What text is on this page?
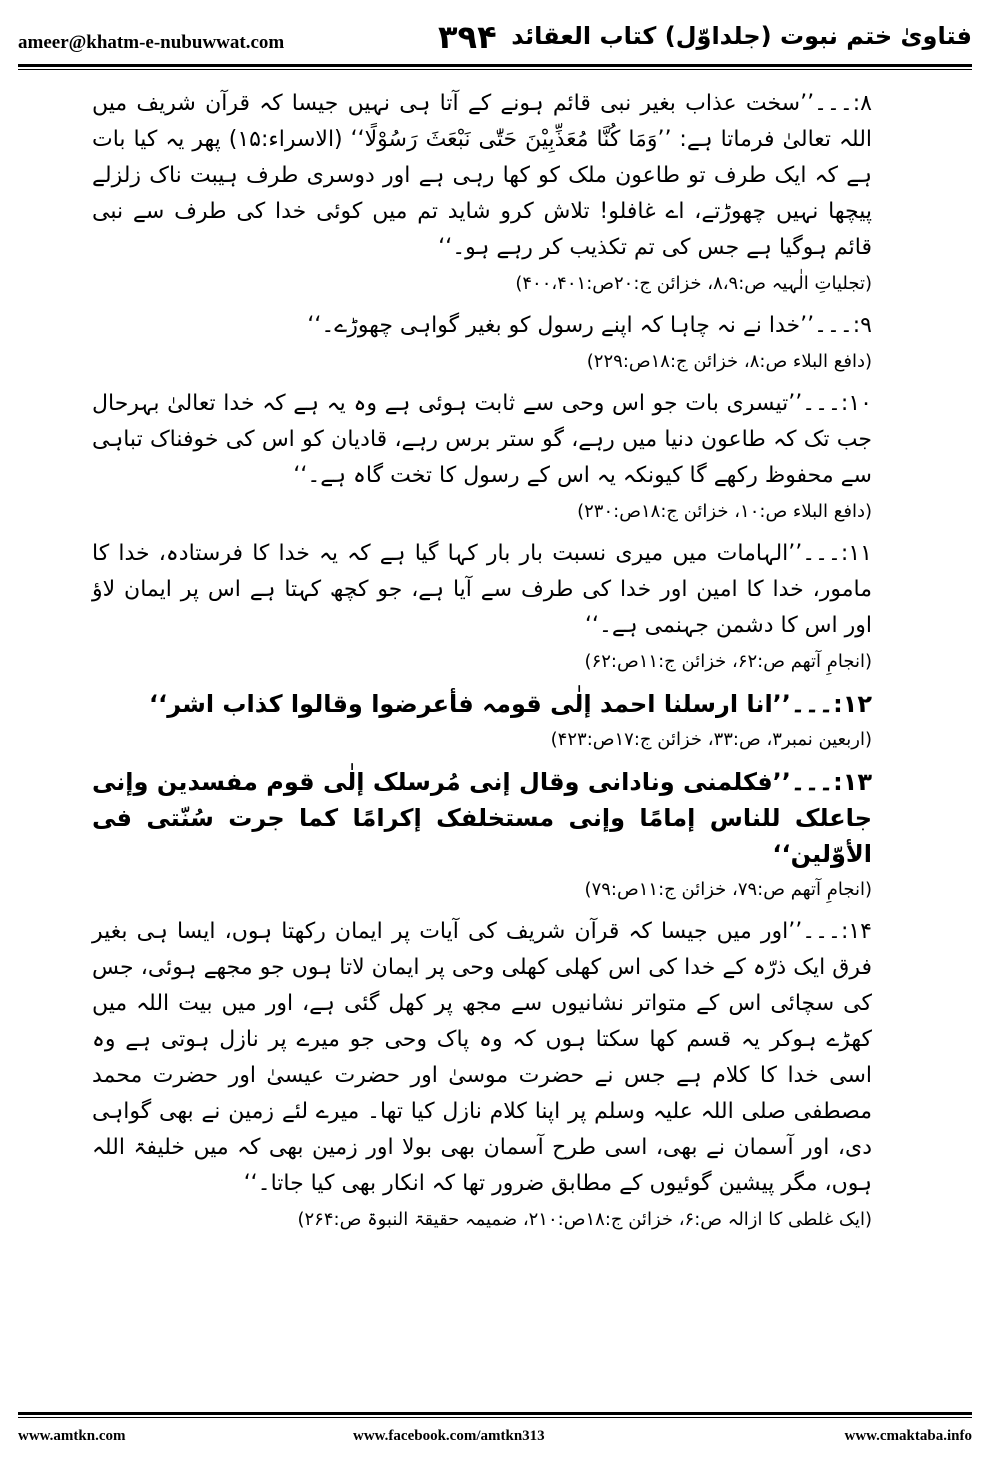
ameer@khatm-e-nubuwwat.com	۳۹۴ فتاویٰ ختم نبوت (جلداوّل) کتاب العقائد

۸:۔۔۔’’سخت عذاب بغیر نبی قائم ہونے کے آتا ہی نہیں جیسا کہ قرآن شریف میں اللہ تعالیٰ فرماتا ہے: ’’وَمَا کُنَّا مُعَذِّبِیْنَ حَتّٰی نَبْعَثَ رَسُوْلًا‘‘ (الاسراء:۱۵) پھر یہ کیا بات ہے کہ ایک طرف تو طاعون ملک کو کھا رہی ہے اور دوسری طرف ہیبت ناک زلزلے پیچھا نہیں چھوڑتے، اے غافلو! تلاش کرو شاید تم میں کوئی خدا کی طرف سے نبی قائم ہوگیا ہے جس کی تم تکذیب کر رہے ہو۔‘‘

(تجلیاتِ الٰہیہ ص:۸،۹، خزائن ج:۲۰ص:۴۰۰،۴۰۱)

۹:۔۔۔’’خدا نے نہ چاہا کہ اپنے رسول کو بغیر گواہی چھوڑے۔‘‘

(دافع البلاء ص:۸، خزائن ج:۱۸ص:۲۲۹)

۱۰:۔۔۔’’تیسری بات جو اس وحی سے ثابت ہوئی ہے وہ یہ ہے کہ خدا تعالیٰ بہرحال جب تک کہ طاعون دنیا میں رہے، گو ستر برس رہے، قادیان کو اس کی خوفناک تباہی سے محفوظ رکھے گا کیونکہ یہ اس کے رسول کا تخت گاہ ہے۔‘‘

(دافع البلاء ص:۱۰، خزائن ج:۱۸ص:۲۳۰)

۱۱:۔۔۔’’الہامات میں میری نسبت بار بار کہا گیا ہے کہ یہ خدا کا فرستادہ، خدا کا مامور، خدا کا امین اور خدا کی طرف سے آیا ہے، جو کچھ کہتا ہے اس پر ایمان لاؤ اور اس کا دشمن جہنمی ہے۔‘‘

(انجامِ آتھم ص:۶۲، خزائن ج:۱۱ص:۶۲)

۱۲:۔۔۔’’انا ارسلنا احمد إلٰی قومہ فأعرضوا وقالوا کذاب اشر‘‘

(اربعین نمبر۳، ص:۳۳، خزائن ج:۱۷ص:۴۲۳)

۱۳:۔۔۔’’فکلمنی ونادانی وقال إنی مُرسلک إلٰی قوم مفسدین وإنی جاعلک للناس إمامًا وإنی مستخلفک إکرامًا کما جرت سُنّتی فی الأوّلین‘‘

(انجامِ آتھم ص:۷۹، خزائن ج:۱۱ص:۷۹)

۱۴:۔۔۔’’اور میں جیسا کہ قرآن شریف کی آیات پر ایمان رکھتا ہوں، ایسا ہی بغیر فرق ایک ذرّہ کے خدا کی اس کھلی کھلی وحی پر ایمان لاتا ہوں جو مجھے ہوئی، جس کی سچائی اس کے متواتر نشانیوں سے مجھ پر کھل گئی ہے، اور میں بیت اللہ میں کھڑے ہوکر یہ قسم کھا سکتا ہوں کہ وہ پاک وحی جو میرے پر نازل ہوتی ہے وہ اسی خدا کا کلام ہے جس نے حضرت موسیٰ اور حضرت عیسیٰ اور حضرت محمد مصطفی صلی اللہ علیہ وسلم پر اپنا کلام نازل کیا تھا۔ میرے لئے زمین نے بھی گواہی دی، اور آسمان نے بھی، اسی طرح آسمان بھی بولا اور زمین بھی کہ میں خلیفۃ اللہ ہوں، مگر پیشین گوئیوں کے مطابق ضرور تھا کہ انکار بھی کیا جاتا۔‘‘

(ایک غلطی کا ازالہ ص:۶، خزائن ج:۱۸ص:۲۱۰، ضمیمہ حقیقۃ النبوۃ ص:۲۶۴)

www.amtkn.com	www.facebook.com/amtkn313	www.cmaktaba.info
